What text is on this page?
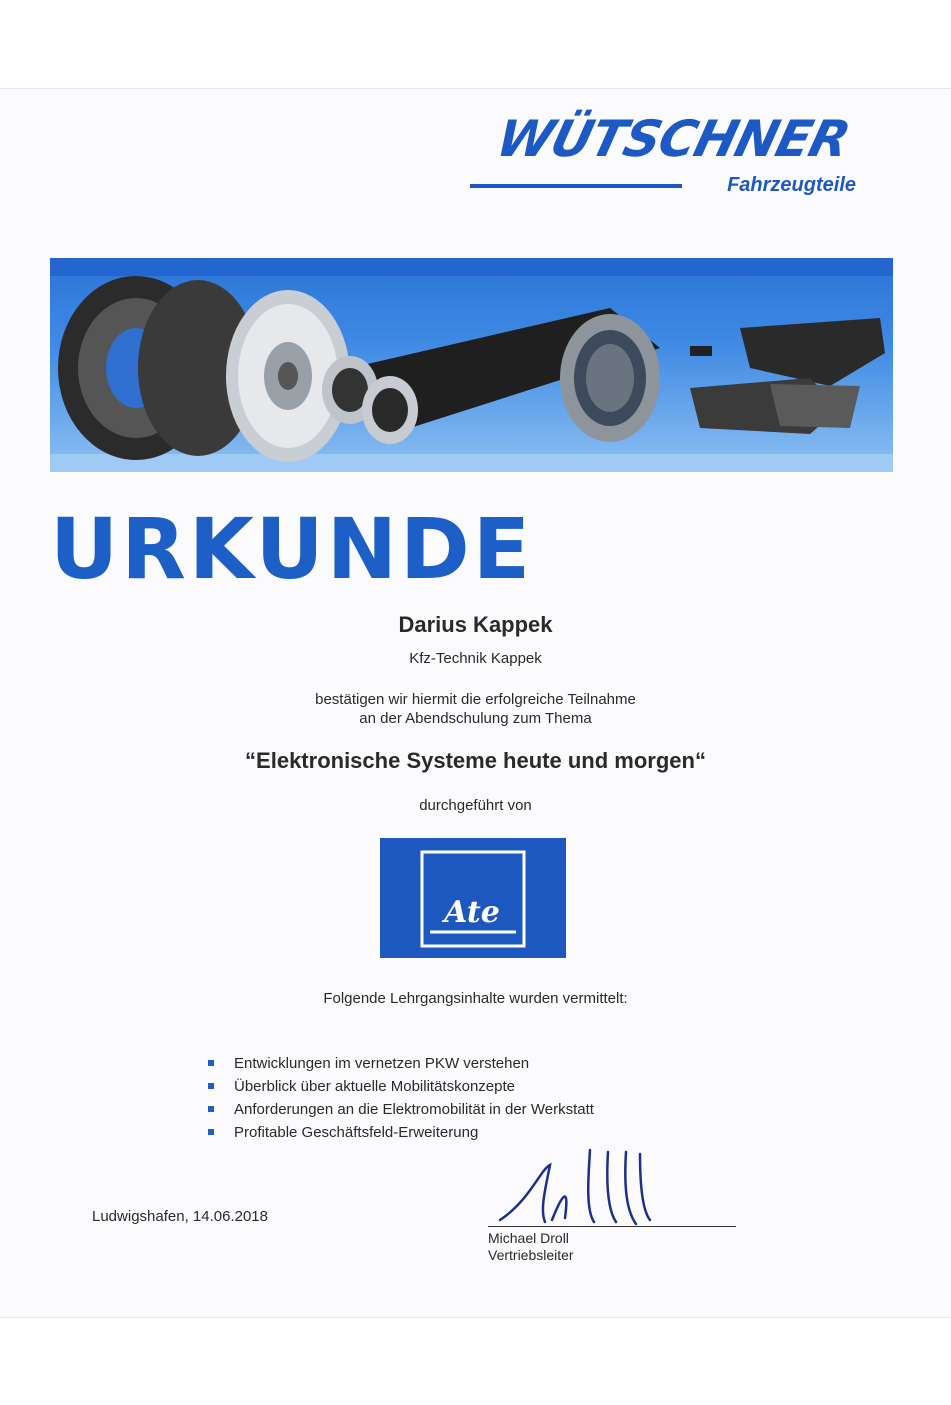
WÜTSCHNER
Fahrzeugteile
URKUNDE
Darius Kappek
Kfz-Technik Kappek
bestätigen wir hiermit die erfolgreiche Teilnahme
an der Abendschulung zum Thema
“Elektronische Systeme heute und morgen“
durchgeführt von
Ate
Folgende Lehrgangsinhalte wurden vermittelt:
Entwicklungen im vernetzen PKW verstehen
Überblick über aktuelle Mobilitätskonzepte
Anforderungen an die Elektromobilität in der Werkstatt
Profitable Geschäftsfeld-Erweiterung
Ludwigshafen, 14.06.2018
Michael Droll
Vertriebsleiter
